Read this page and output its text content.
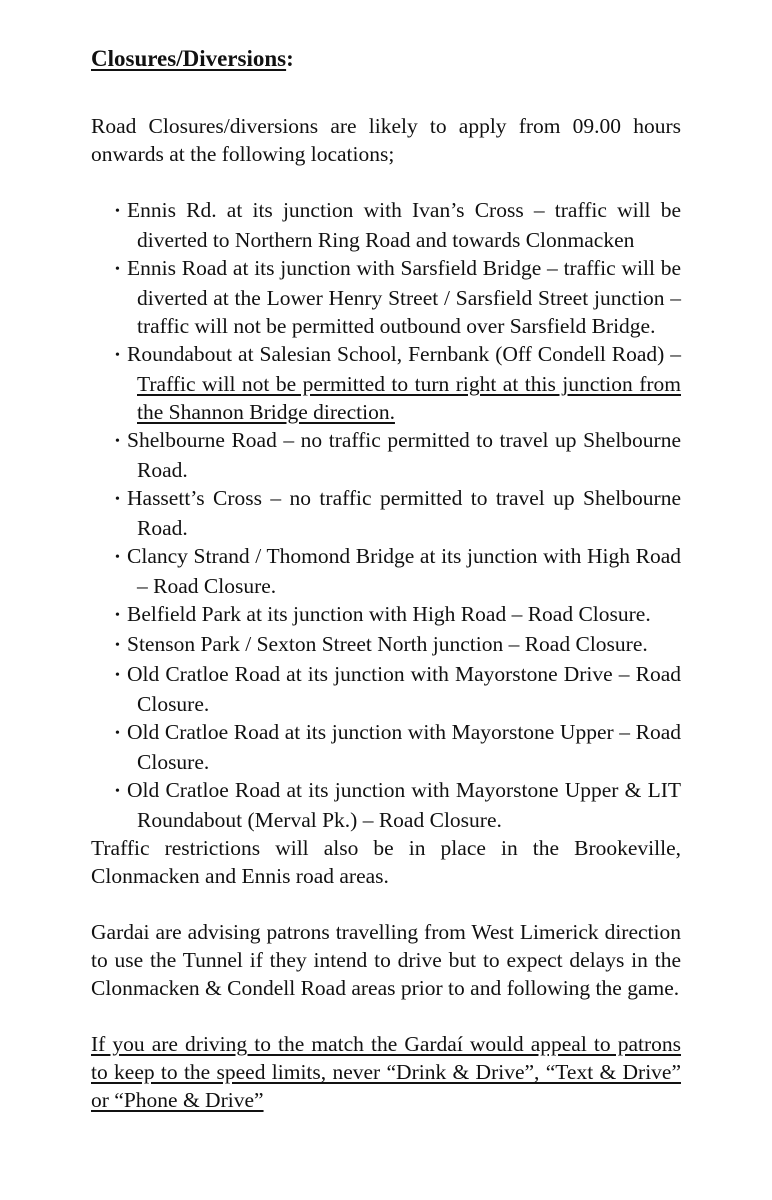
Closures/Diversions:

Road Closures/diversions are likely to apply from 09.00 hours onwards at the following locations;

• Ennis Rd. at its junction with Ivan’s Cross – traffic will be diverted to Northern Ring Road and towards Clonmacken
• Ennis Road at its junction with Sarsfield Bridge – traffic will be diverted at the Lower Henry Street / Sarsfield Street junction – traffic will not be permitted outbound over Sarsfield Bridge.
• Roundabout at Salesian School, Fernbank (Off Condell Road) – Traffic will not be permitted to turn right at this junction from the Shannon Bridge direction.
• Shelbourne Road – no traffic permitted to travel up Shelbourne Road.
• Hassett’s Cross – no traffic permitted to travel up Shelbourne Road.
• Clancy Strand / Thomond Bridge at its junction with High Road – Road Closure.
• Belfield Park at its junction with High Road – Road Closure.
• Stenson Park / Sexton Street North junction – Road Closure.
• Old Cratloe Road at its junction with Mayorstone Drive – Road Closure.
• Old Cratloe Road at its junction with Mayorstone Upper – Road Closure.
• Old Cratloe Road at its junction with Mayorstone Upper & LIT Roundabout (Merval Pk.) – Road Closure.

Traffic restrictions will also be in place in the Brookeville, Clonmacken and Ennis road areas.

Gardai are advising patrons travelling from West Limerick direction to use the Tunnel if they intend to drive but to expect delays in the Clonmacken & Condell Road areas prior to and following the game.

If you are driving to the match the Gardaí would appeal to patrons to keep to the speed limits, never “Drink & Drive”, “Text & Drive” or “Phone & Drive”
